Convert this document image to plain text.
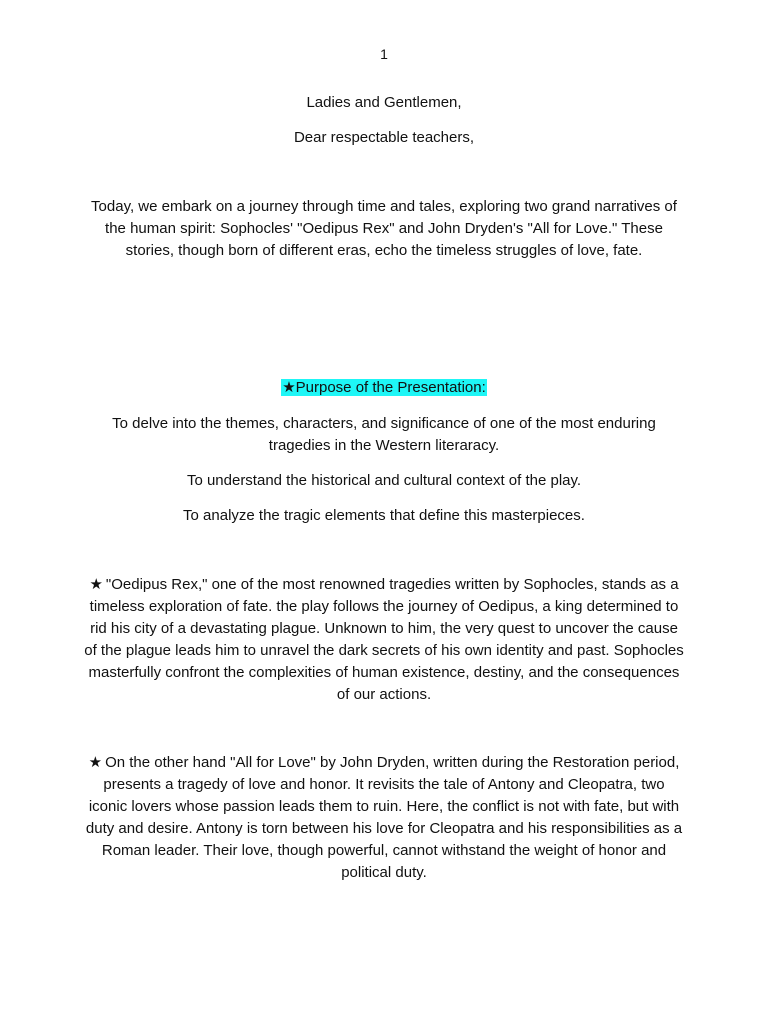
1
Ladies and Gentlemen,
Dear respectable teachers,
Today, we embark on a journey through time and tales, exploring two grand narratives of the human spirit: Sophocles' "Oedipus Rex" and John Dryden's "All for Love." These stories, though born of different eras, echo the timeless struggles of love, fate.
★Purpose of the Presentation:
To delve into the themes, characters, and significance of one of the most enduring tragedies in the Western literaracy.
To understand the historical and cultural context of the play.
To analyze the tragic elements that define this masterpieces.
★ "Oedipus Rex," one of the most renowned tragedies written by Sophocles, stands as a timeless exploration of fate. the play follows the journey of Oedipus, a king determined to rid his city of a devastating plague. Unknown to him, the very quest to uncover the cause of the plague leads him to unravel the dark secrets of his own identity and past. Sophocles masterfully confront the complexities of human existence, destiny, and the consequences of our actions.
★ On the other hand "All for Love" by John Dryden, written during the Restoration period, presents a tragedy of love and honor. It revisits the tale of Antony and Cleopatra, two iconic lovers whose passion leads them to ruin. Here, the conflict is not with fate, but with duty and desire. Antony is torn between his love for Cleopatra and his responsibilities as a Roman leader. Their love, though powerful, cannot withstand the weight of honor and political duty.
